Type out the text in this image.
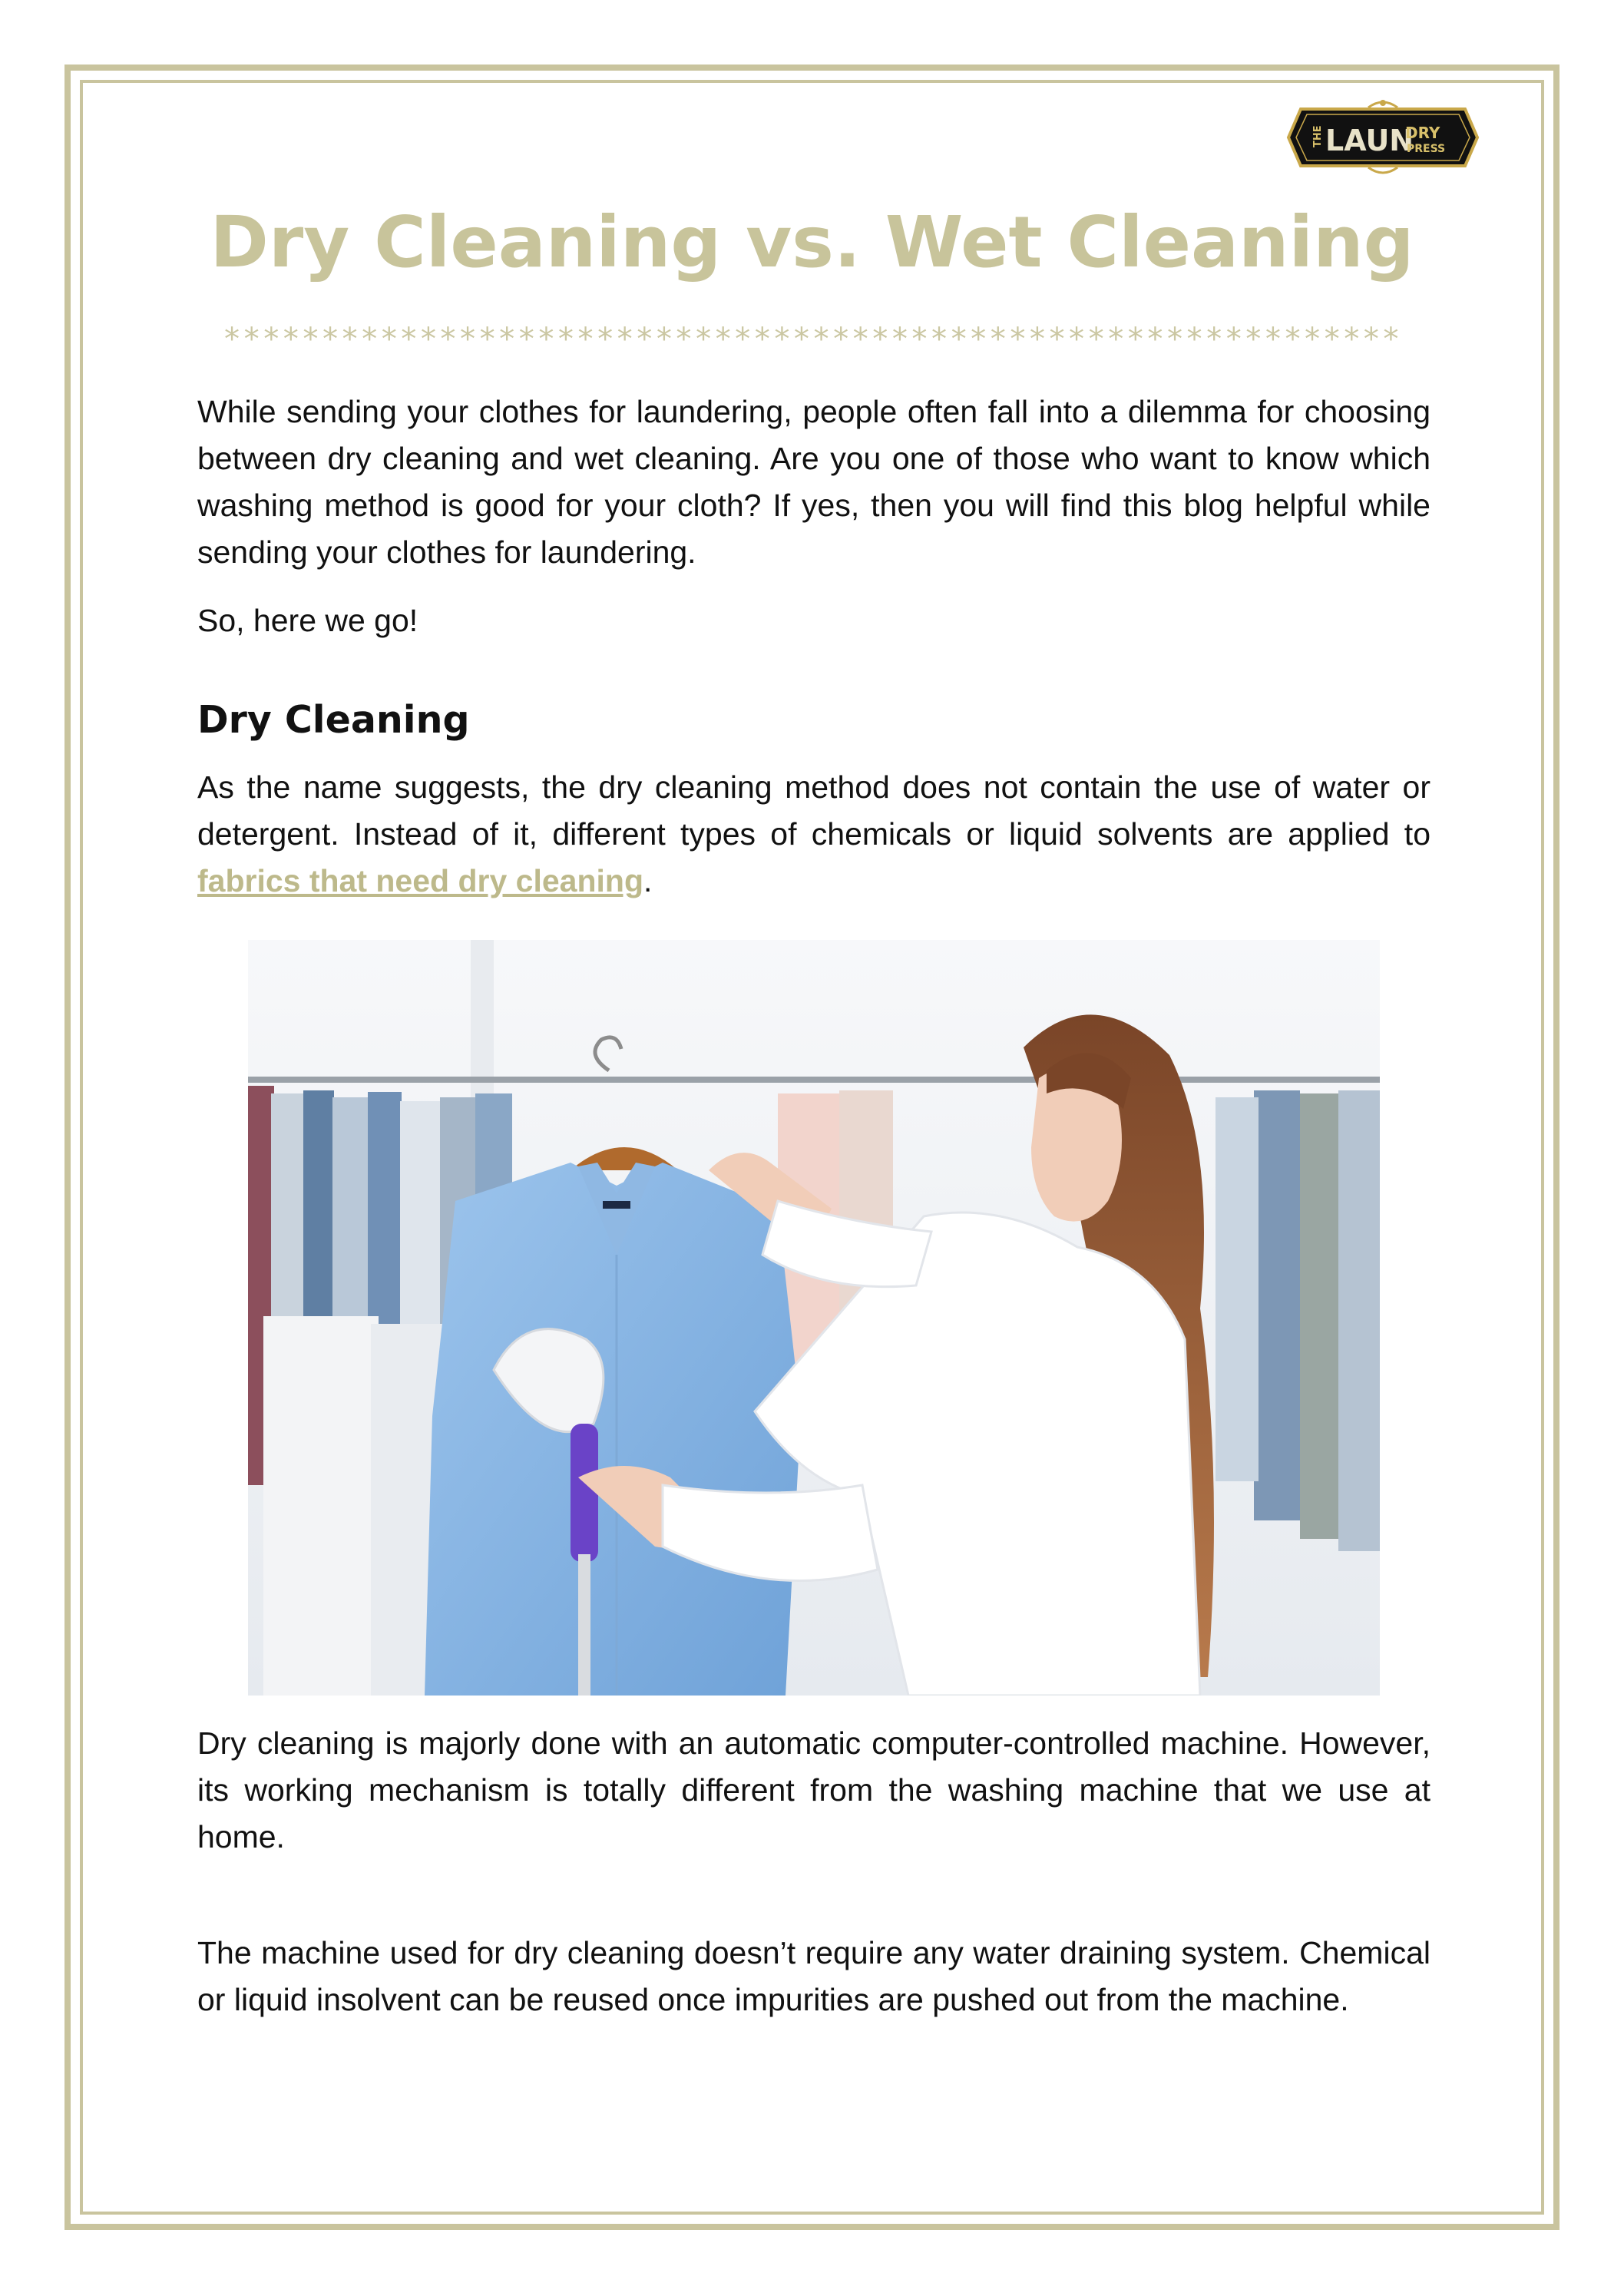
THE LAUN
DRY
PRESS
Dry Cleaning vs. Wet Cleaning
************************************************************

While sending your clothes for laundering, people often fall into a dilemma for choosing between dry cleaning and wet cleaning. Are you one of those who want to know which washing method is good for your cloth? If yes, then you will find this blog helpful while sending your clothes for laundering.

So, here we go!

Dry Cleaning

As the name suggests, the dry cleaning method does not contain the use of water or detergent. Instead of it, different types of chemicals or liquid solvents are applied to fabrics that need dry cleaning.

Dry cleaning is majorly done with an automatic computer-controlled machine. However, its working mechanism is totally different from the washing machine that we use at home.

The machine used for dry cleaning doesn’t require any water draining system. Chemical or liquid insolvent can be reused once impurities are pushed out from the machine.
